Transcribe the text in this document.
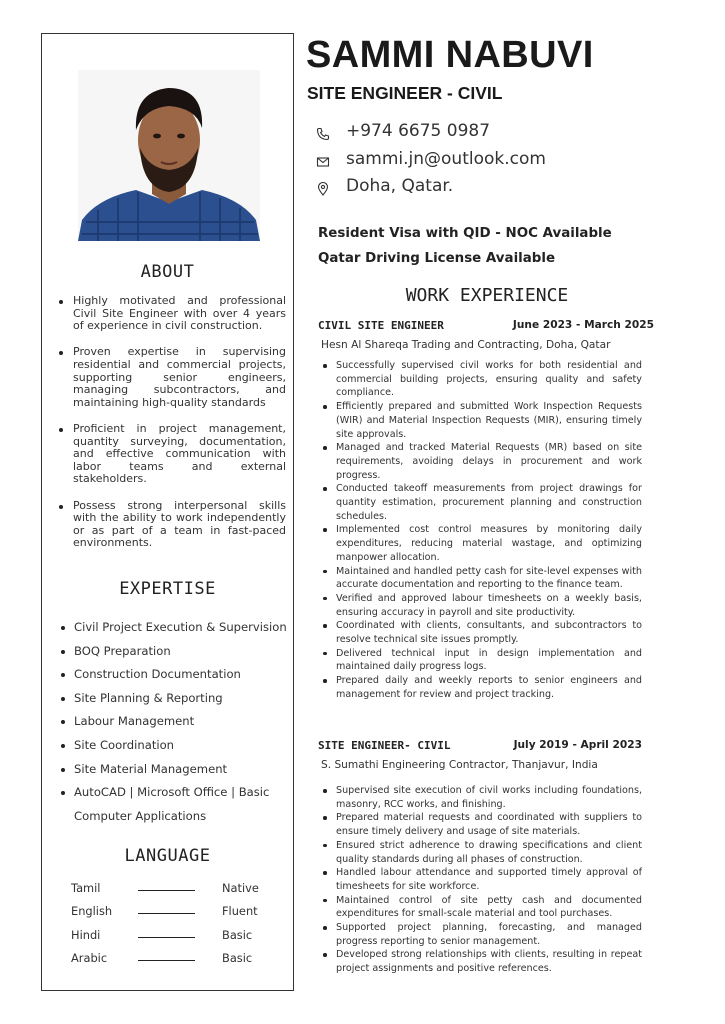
ABOUT
Highly motivated and professional Civil Site Engineer with over 4 years of experience in civil construction.
Proven expertise in supervising residential and commercial projects, supporting senior engineers, managing subcontractors, and maintaining high-quality standards
Proficient in project management, quantity surveying, documentation, and effective communication with labor teams and external stakeholders.
Possess strong interpersonal skills with the ability to work independently or as part of a team in fast-paced environments.
EXPERTISE
Civil Project Execution & Supervision
BOQ Preparation
Construction Documentation
Site Planning & Reporting
Labour Management
Site Coordination
Site Material Management
AutoCAD | Microsoft Office | Basic Computer Applications
LANGUAGE
Tamil	Native
English	Fluent
Hindi	Basic
Arabic	Basic
SAMMI NABUVI
SITE ENGINEER - CIVIL
+974 6675 0987
sammi.jn@outlook.com
Doha, Qatar.
Resident Visa with QID - NOC Available
Qatar Driving License Available
WORK EXPERIENCE
CIVIL SITE ENGINEER	June 2023 - March 2025
Hesn Al Shareqa Trading and Contracting, Doha, Qatar
Successfully supervised civil works for both residential and commercial building projects, ensuring quality and safety compliance.
Efficiently prepared and submitted Work Inspection Requests (WIR) and Material Inspection Requests (MIR), ensuring timely site approvals.
Managed and tracked Material Requests (MR) based on site requirements, avoiding delays in procurement and work progress.
Conducted takeoff measurements from project drawings for quantity estimation, procurement planning and construction schedules.
Implemented cost control measures by monitoring daily expenditures, reducing material wastage, and optimizing manpower allocation.
Maintained and handled petty cash for site-level expenses with accurate documentation and reporting to the finance team.
Verified and approved labour timesheets on a weekly basis, ensuring accuracy in payroll and site productivity.
Coordinated with clients, consultants, and subcontractors to resolve technical site issues promptly.
Delivered technical input in design implementation and maintained daily progress logs.
Prepared daily and weekly reports to senior engineers and management for review and project tracking.
SITE ENGINEER- CIVIL	July 2019 - April 2023
S. Sumathi Engineering Contractor, Thanjavur, India
Supervised site execution of civil works including foundations, masonry, RCC works, and finishing.
Prepared material requests and coordinated with suppliers to ensure timely delivery and usage of site materials.
Ensured strict adherence to drawing specifications and client quality standards during all phases of construction.
Handled labour attendance and supported timely approval of timesheets for site workforce.
Maintained control of site petty cash and documented expenditures for small-scale material and tool purchases.
Supported project planning, forecasting, and managed progress reporting to senior management.
Developed strong relationships with clients, resulting in repeat project assignments and positive references.
